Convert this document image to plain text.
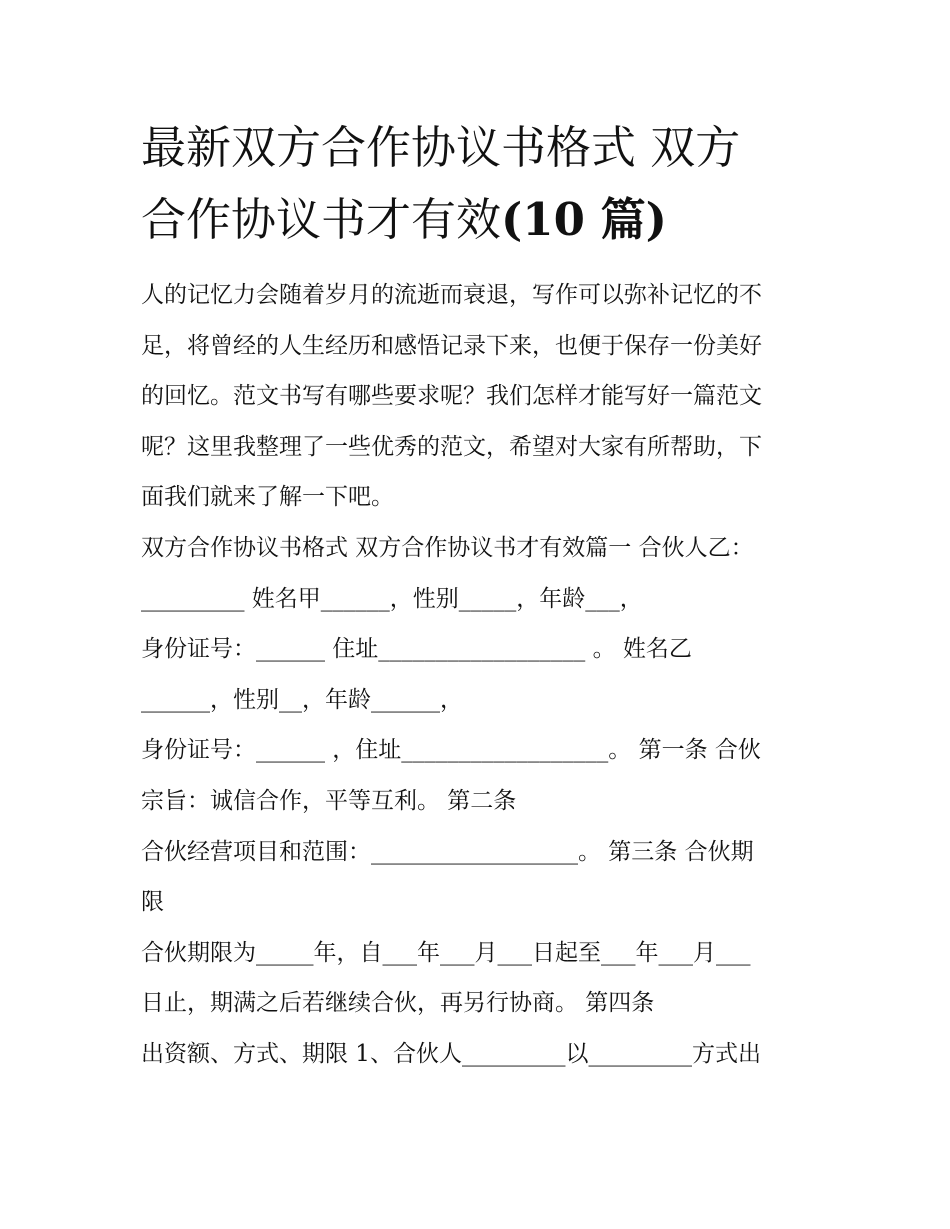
最新双方合作协议书格式 双方
合作协议书才有效(10 篇)
人的记忆力会随着岁月的流逝而衰退，写作可以弥补记忆的不
足，将曾经的人生经历和感悟记录下来，也便于保存一份美好
的回忆。范文书写有哪些要求呢？我们怎样才能写好一篇范文
呢？这里我整理了一些优秀的范文，希望对大家有所帮助，下
面我们就来了解一下吧。
双方合作协议书格式 双方合作协议书才有效篇一 合伙人乙：
_________ 姓名甲______，性别_____，年龄___，
身份证号：______ 住址__________________ 。 姓名乙
______，性别__，年龄______，
身份证号：______ ，住址__________________。 第一条 合伙
宗旨：诚信合作，平等互利。 第二条
合伙经营项目和范围：__________________。 第三条 合伙期
限
合伙期限为_____年，自___年___月___日起至___年___月___
日止，期满之后若继续合伙，再另行协商。 第四条
出资额、方式、期限 1、合伙人_________以_________方式出
